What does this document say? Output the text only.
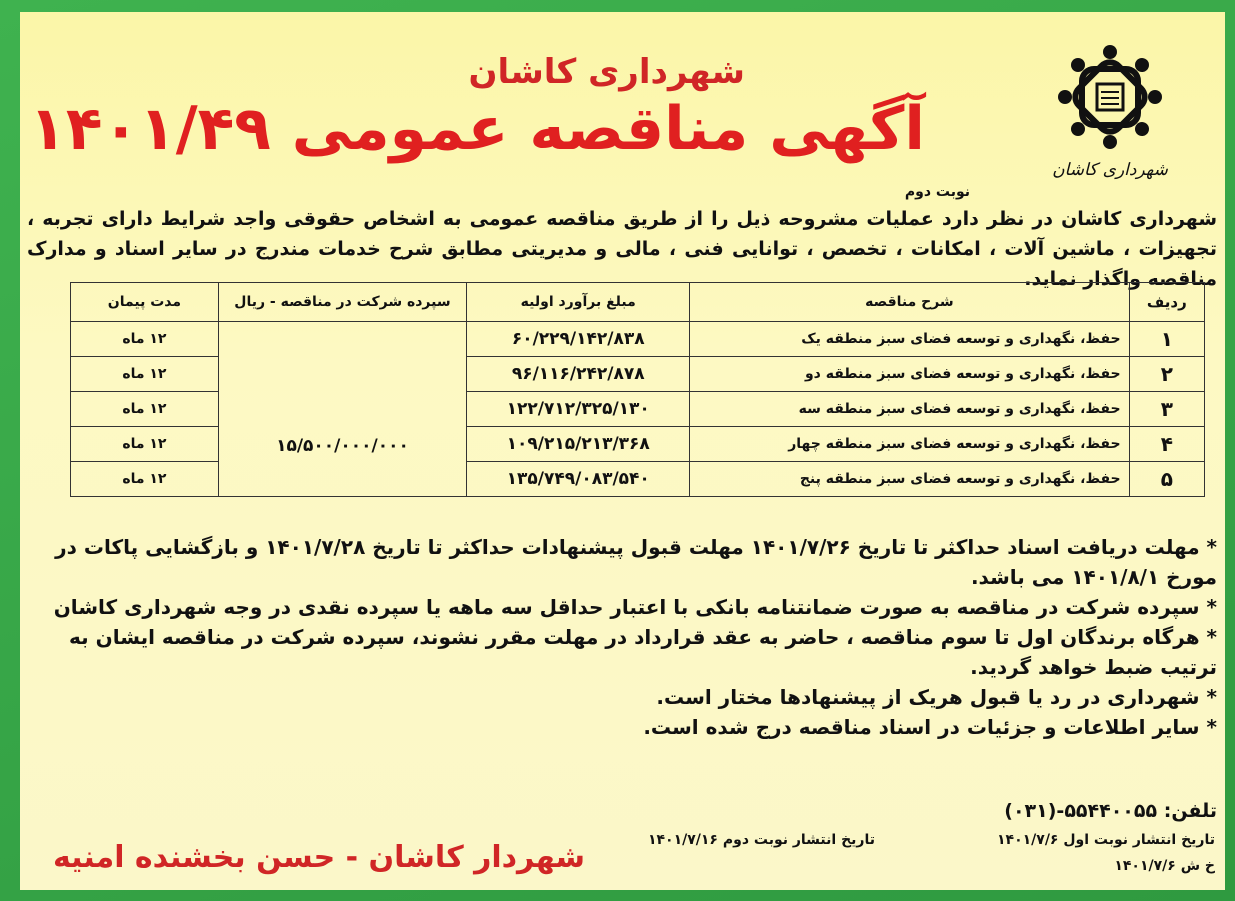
شهرداری کاشان
شهرداری کاشان
آگهی مناقصه عمومی ۱۴۰۱/۴۹
نوبت دوم
شهرداری کاشان در نظر دارد عملیات مشروحه ذیل را از طریق مناقصه عمومی به اشخاص حقوقی واجد شرایط دارای تجربه ، تجهیزات ، ماشین آلات ، امکانات ، تخصص ، توانایی فنی ، مالی و مدیریتی مطابق شرح خدمات مندرج در سایر اسناد و مدارک مناقصه واگذار نماید.
ردیف	شرح مناقصه	مبلغ برآورد اولیه	سپرده شرکت در مناقصه - ریال	مدت پیمان
۱	حفظ، نگهداری و توسعه فضای سبز منطقه یک	۶۰/۲۲۹/۱۴۲/۸۳۸	۱۵/۵۰۰/۰۰۰/۰۰۰	۱۲ ماه
۲	حفظ، نگهداری و توسعه فضای سبز منطقه دو	۹۶/۱۱۶/۲۴۲/۸۷۸		۱۲ ماه
۳	حفظ، نگهداری و توسعه فضای سبز منطقه سه	۱۲۲/۷۱۲/۳۲۵/۱۳۰		۱۲ ماه
۴	حفظ، نگهداری و توسعه فضای سبز منطقه چهار	۱۰۹/۲۱۵/۲۱۳/۳۶۸		۱۲ ماه
۵	حفظ، نگهداری و توسعه فضای سبز منطقه پنج	۱۳۵/۷۴۹/۰۸۳/۵۴۰		۱۲ ماه

* مهلت دریافت اسناد حداکثر تا تاریخ ۱۴۰۱/۷/۲۶ مهلت قبول پیشنهادات حداکثر تا تاریخ ۱۴۰۱/۷/۲۸ و بازگشایی پاکات در مورخ ۱۴۰۱/۸/۱ می باشد.

* سپرده شرکت در مناقصه به صورت ضمانتنامه بانکی با اعتبار حداقل سه ماهه یا سپرده نقدی در وجه شهرداری کاشان

* هرگاه برندگان اول تا سوم مناقصه ، حاضر به عقد قرارداد در مهلت مقرر نشوند، سپرده شرکت در مناقصه ایشان به ترتیب ضبط خواهد گردید.

* شهرداری در رد یا قبول هریک از پیشنهادها مختار است.

* سایر اطلاعات و جزئیات در اسناد مناقصه درج شده است.

تلفن: ۵۵۴۴۰۰۵۵-(۰۳۱)
تاریخ انتشار نوبت اول ۱۴۰۱/۷/۶
تاریخ انتشار نوبت دوم ۱۴۰۱/۷/۱۶
خ ش ۱۴۰۱/۷/۶
شهردار کاشان - حسن بخشنده امنیه
